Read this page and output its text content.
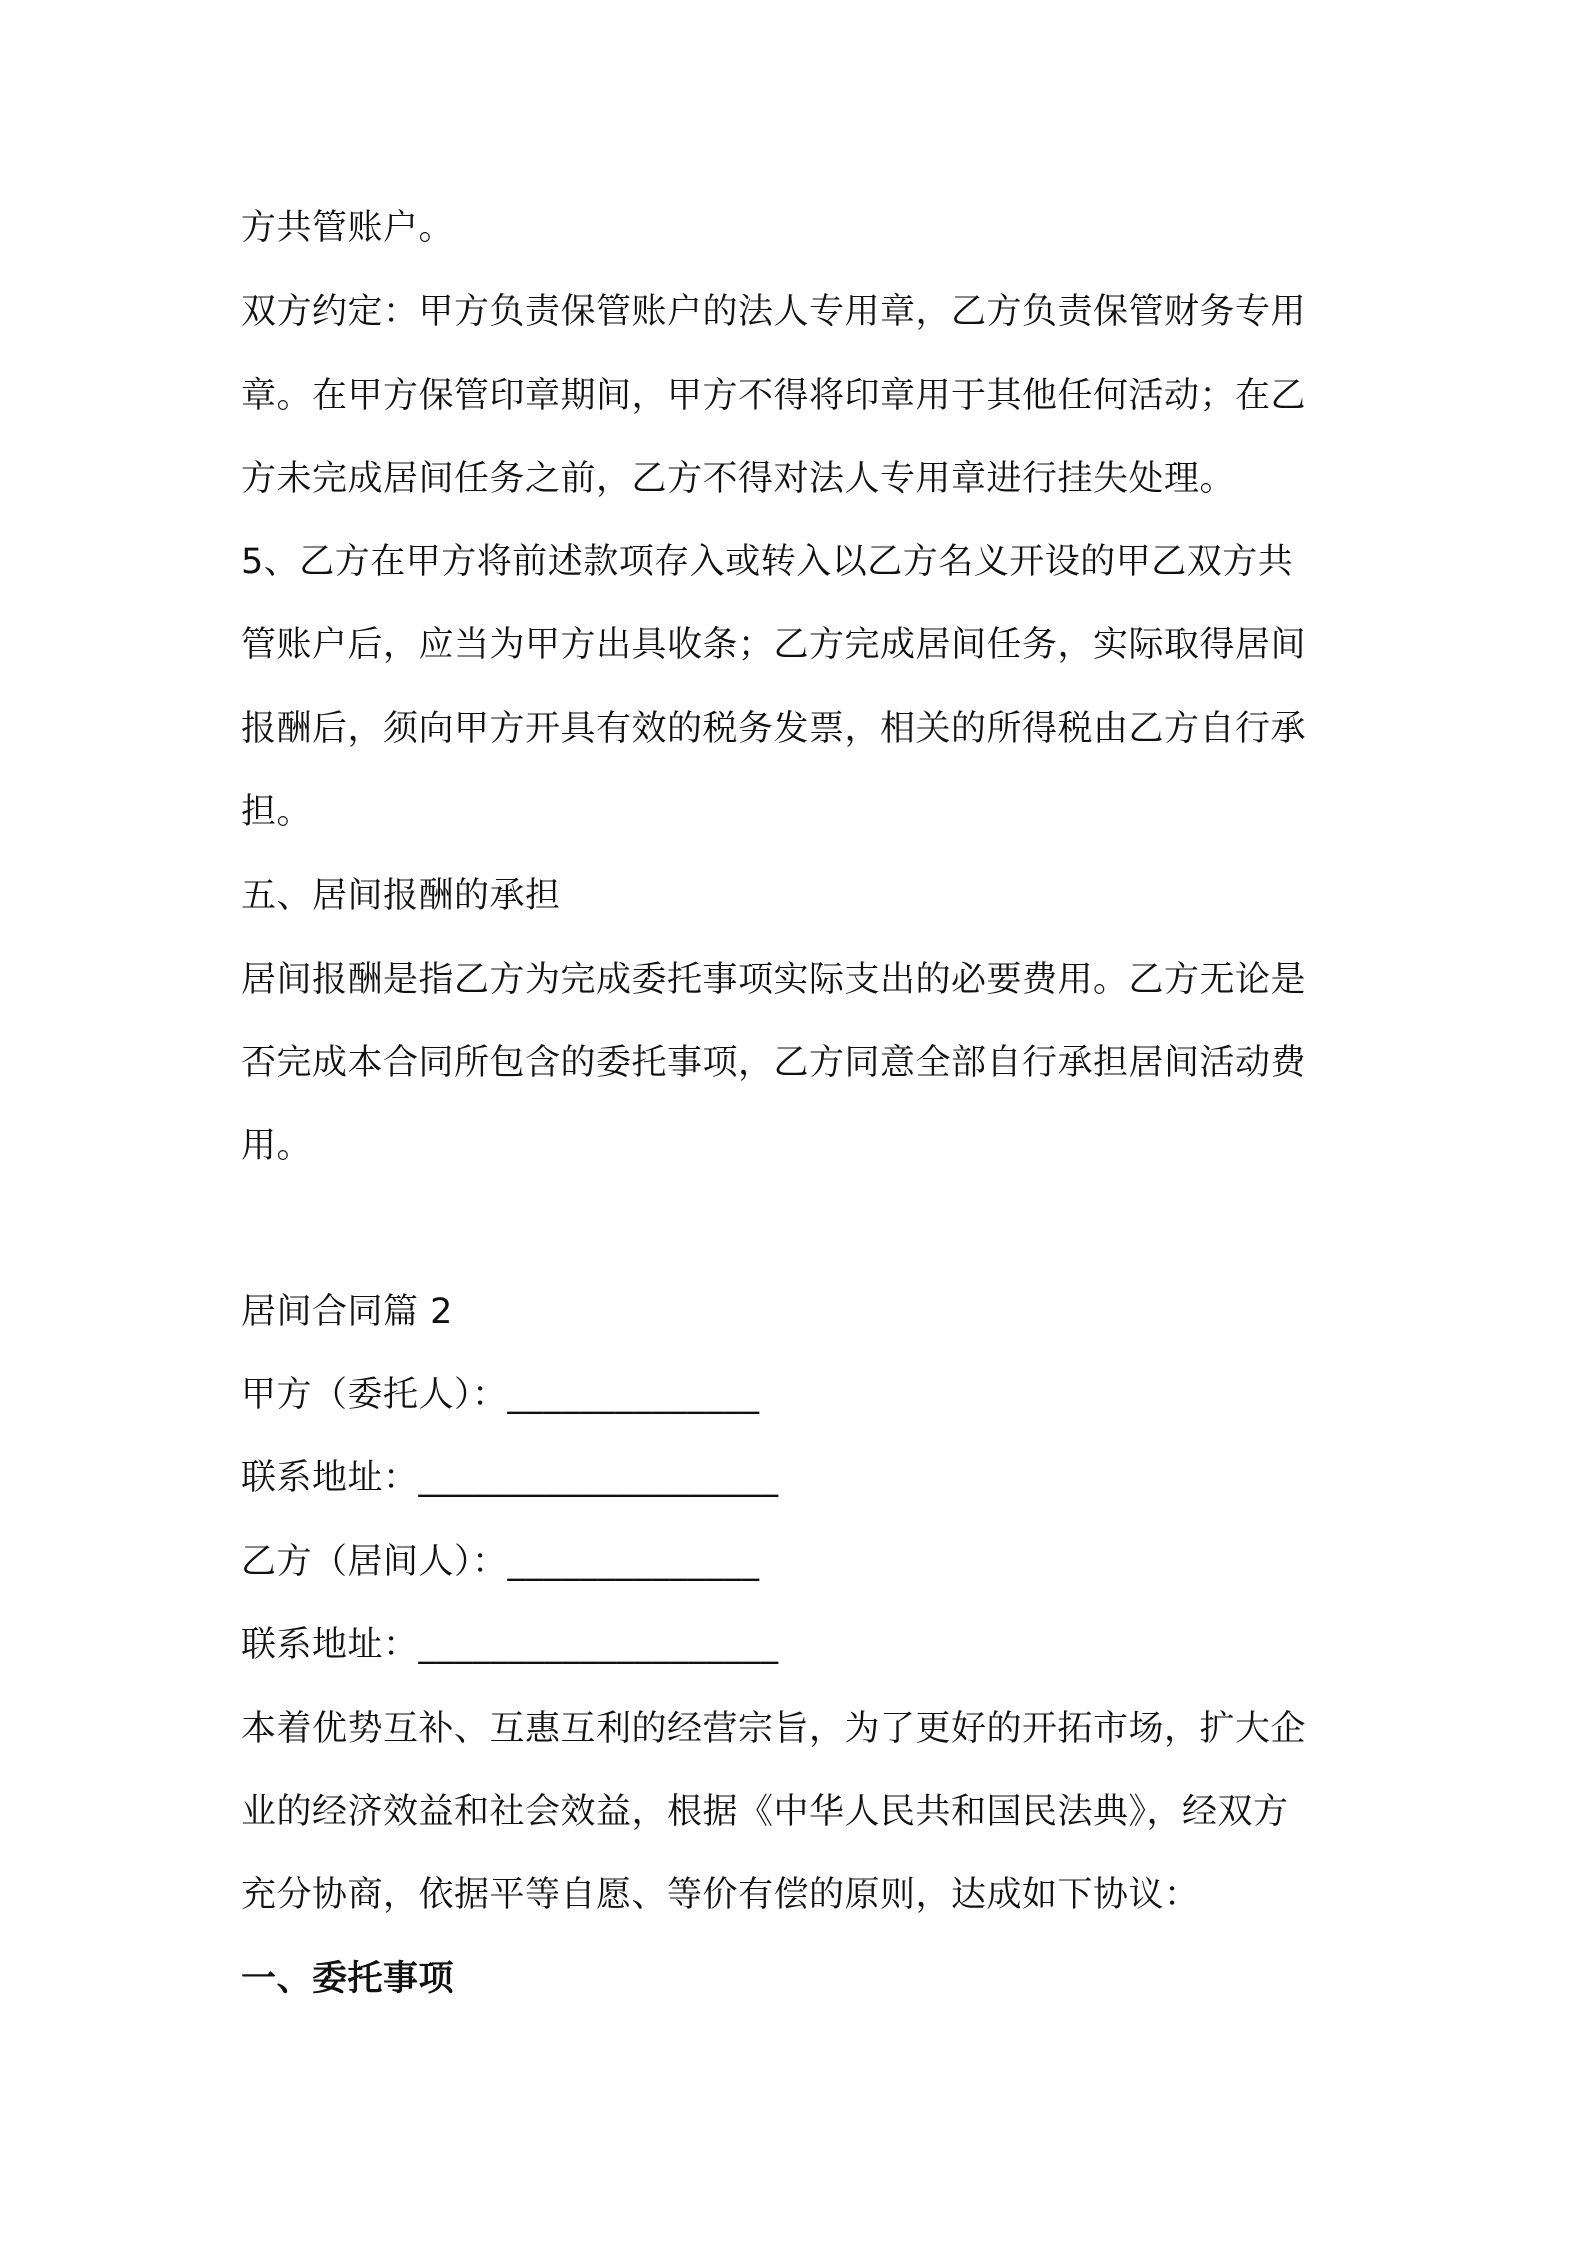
方共管账户。
双方约定：甲方负责保管账户的法人专用章，乙方负责保管财务专用
章。在甲方保管印章期间，甲方不得将印章用于其他任何活动；在乙
方未完成居间任务之前，乙方不得对法人专用章进行挂失处理。
5、乙方在甲方将前述款项存入或转入以乙方名义开设的甲乙双方共
管账户后，应当为甲方出具收条；乙方完成居间任务，实际取得居间
报酬后，须向甲方开具有效的税务发票，相关的所得税由乙方自行承
担。
五、居间报酬的承担
居间报酬是指乙方为完成委托事项实际支出的必要费用。乙方无论是
否完成本合同所包含的委托事项，乙方同意全部自行承担居间活动费
用。
居间合同篇 2
甲方（委托人）：______________
联系地址：____________________
乙方（居间人）：______________
联系地址：____________________
本着优势互补、互惠互利的经营宗旨，为了更好的开拓市场，扩大企
业的经济效益和社会效益，根据《中华人民共和国民法典》，经双方
充分协商，依据平等自愿、等价有偿的原则，达成如下协议：
一、委托事项
